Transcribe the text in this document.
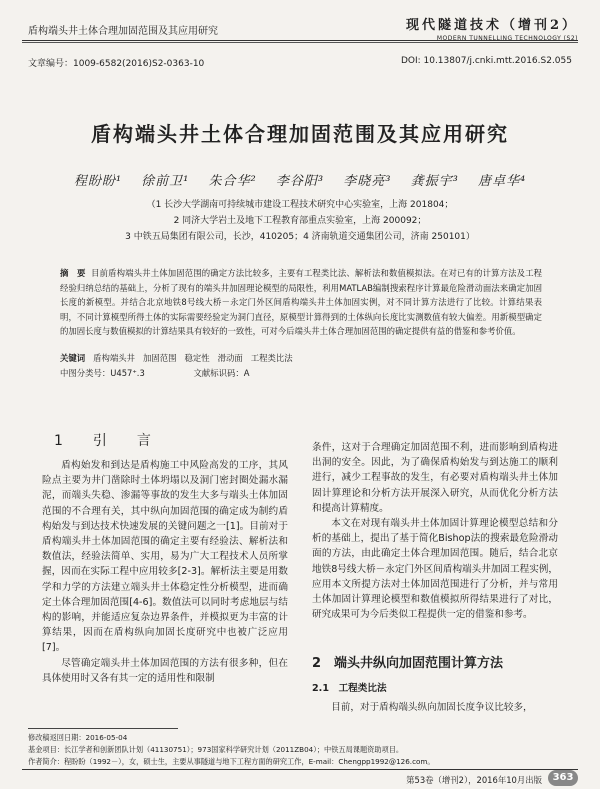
盾构端头井土体合理加固范围及其应用研究	现代隧道技术（增刊2）
MODERN TUNNELLING TECHNOLOGY (S2)
文章编号：1009-6582(2016)S2-0363-10	DOI: 10.13807/j.cnki.mtt.2016.S2.055
盾构端头井土体合理加固范围及其应用研究
程盼盼¹ 徐前卫¹ 朱合华² 李谷阳³ 李晓亮³ 龚振宇³ 唐卓华⁴
（1 长沙大学湖南可持续城市建设工程技术研究中心实验室，上海 201804；
2 同济大学岩土及地下工程教育部重点实验室，上海 200092；
3 中铁五局集团有限公司，长沙，410205；4 济南轨道交通集团公司，济南 250101）
摘　要 目前盾构端头井土体加固范围的确定方法比较多，主要有工程类比法、解析法和数值模拟法。在对已有的计算方法及工程经验归纳总结的基础上，分析了现有的端头井加固理论模型的局限性，利用MATLAB编制搜索程序计算最危险滑动面法来确定加固长度的新模型。并结合北京地铁8号线大桥－永定门外区间盾构端头井土体加固实例，对不同计算方法进行了比较。计算结果表明，不同计算模型所得土体的实际需要经验定为洞门直径，原模型计算得到的土体纵向长度比实测数值有较大偏差。用新模型确定的加固长度与数值模拟的计算结果具有较好的一致性，可对今后端头井土体合理加固范围的确定提供有益的借鉴和参考价值。
关键词 盾构端头井 加固范围 稳定性 滑动面 工程类比法
中图分类号：U457⁺.3	文献标识码：A
1　引　言

盾构始发和到达是盾构施工中风险高发的工序，其风险点主要为井门凿除时土体坍塌以及洞门密封圈处漏水漏泥，而端头失稳、渗漏等事故的发生大多与端头土体加固范围的不合理有关，其中纵向加固范围的确定成为制约盾构始发与到达技术快速发展的关键问题之一[1]。目前对于盾构端头井土体加固范围的确定主要有经验法、解析法和数值法，经验法简单、实用，易为广大工程技术人员所掌握，因而在实际工程中应用较多[2-3]。解析法主要是用数学和力学的方法建立端头井土体稳定性分析模型，进而确定土体合理加固范围[4-6]。数值法可以同时考虑地层与结构的影响，并能适应复杂边界条件，并模拟更为丰富的计算结果，因而在盾构纵向加固长度研究中也被广泛应用[7]。

尽管确定端头井土体加固范围的方法有很多种，但在具体使用时又各有其一定的适用性和限制

条件，这对于合理确定加固范围不利，进而影响到盾构进出洞的安全。因此，为了确保盾构始发与到达施工的顺利进行，减少工程事故的发生，有必要对盾构端头井土体加固计算理论和分析方法开展深入研究，从而优化分析方法和提高计算精度。

本文在对现有端头井土体加固计算理论模型总结和分析的基础上，提出了基于简化Bishop法的搜索最危险滑动面的方法，由此确定土体合理加固范围。随后，结合北京地铁8号线大桥－永定门外区间盾构端头井加固工程实例，应用本文所提方法对土体加固范围进行了分析，并与常用土体加固计算理论模型和数值模拟所得结果进行了对比，研究成果可为今后类似工程提供一定的借鉴和参考。

2　端头井纵向加固范围计算方法
2.1　工程类比法

目前，对于盾构端头纵向加固长度争议比较多，

修改稿返回日期：2016-05-04
基金项目：长江学者和创新团队计划（41130751）；973国家科学研究计划（2011ZB04）；中铁五局课题资助项目。
作者简介：程盼盼（1992－），女，硕士生，主要从事隧道与地下工程方面的研究工作，E-mail：Chengpp1992@126.com。
第53卷（增刊2），2016年10月出版	363
